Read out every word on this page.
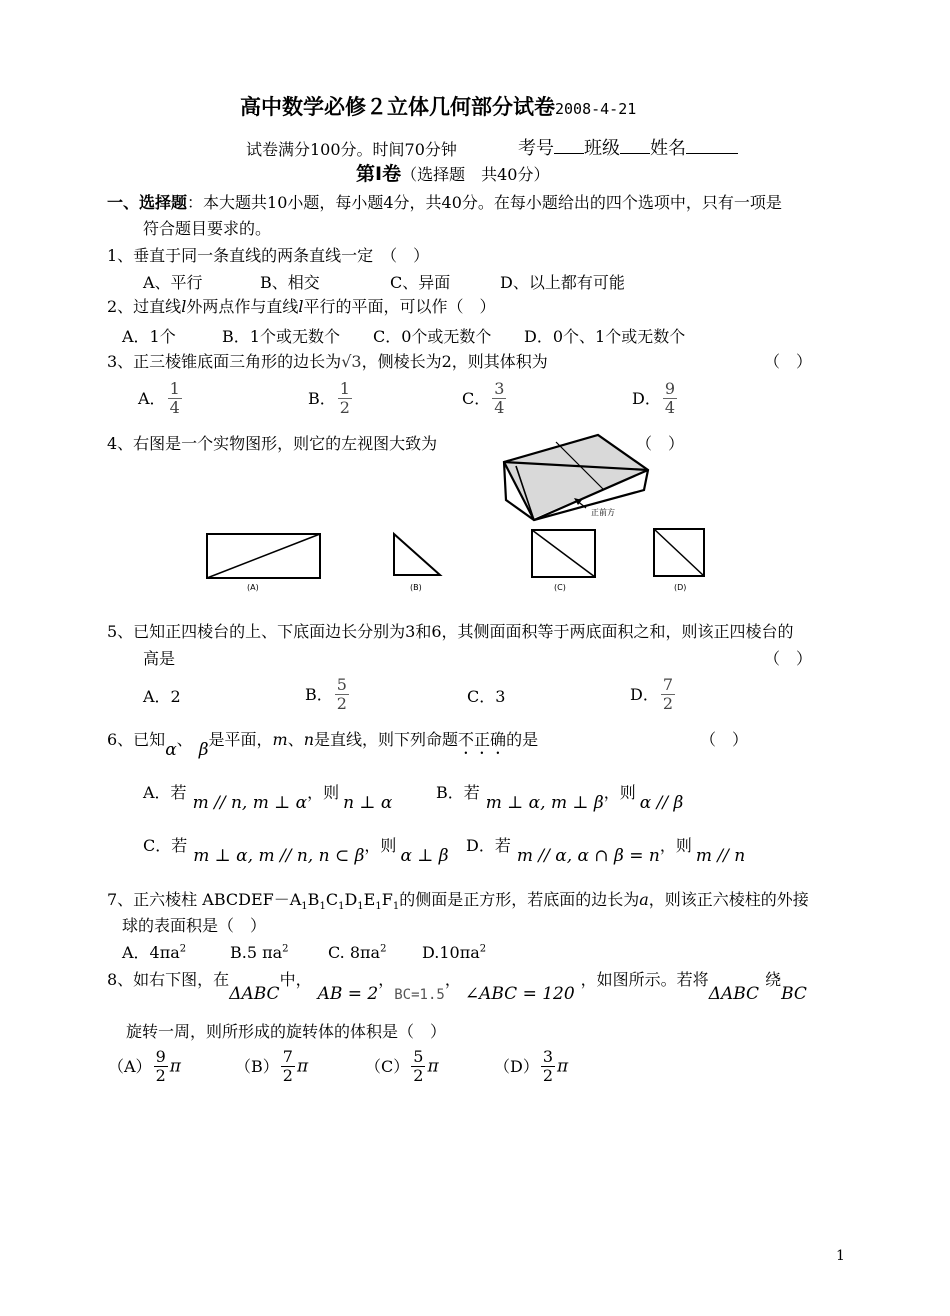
高中数学必修２立体几何部分试卷2008-4-21
试卷满分100分。时间70分钟	考号 班级 姓名
第Ⅰ卷（选择题　共40分）
一、选择题：本大题共10小题，每小题4分，共40分。在每小题给出的四个选项中，只有一项是
符合题目要求的。
1、垂直于同一条直线的两条直线一定　（　）
A、平行	B、相交	C、异面	D、以上都有可能
2、过直线l外两点作与直线l平行的平面，可以作（　）
A．1个	B．1个或无数个 C．0个或无数个 D．0个、1个或无数个
3、正三棱锥底面三角形的边长为√3，侧棱长为2，则其体积为	（　）
A． $\frac{1}{4}$	B． $\frac{1}{2}$	C． $\frac{3}{4}$	D． $\frac{9}{4}$
4、右图是一个实物图形，则它的左视图大致为	（　）
正前方
(A)	(B)	(C)	(D)
5、已知正四棱台的上、下底面边长分别为3和6，其侧面面积等于两底面积之和，则该正四棱台的
高是	（　）
A．2	B． $\frac{5}{2}$	C．3	D． $\frac{7}{2}$
6、已知α、β是平面，m、n是直线，则下列命题不正确的是	（　）
A．若m // n, m ⊥ α，则n ⊥ α
B．若m ⊥ α, m ⊥ β，则α // β
C．若m ⊥ α, m // n, n ⊂ β，则α ⊥ β
D．若m // α, α ∩ β = n，则m // n
7、正六棱柱 $ABCDEF-A_1B_1C_1D_1E_1F_1$的侧面是正方形，若底面的边长为a，则该正六棱柱的外接
球的表面积是（　）
A．$4\pi a^2$	B.5 $\pi a^2$ C. $8\pi a^2$ $D.10\pi a^2$
8、如右下图，在ΔABC中，AB = 2，BC=1.5，∠ABC = 120，如图所示。若将ΔABC绕BC
旋转一周，则所形成的旋转体的体积是（　）
$(A) \frac{9}{2}$ π	$(B) \frac{7}{2}$ π	$(C) \frac{5}{2}$ π	$(D) \frac{3}{2}$ π
1
